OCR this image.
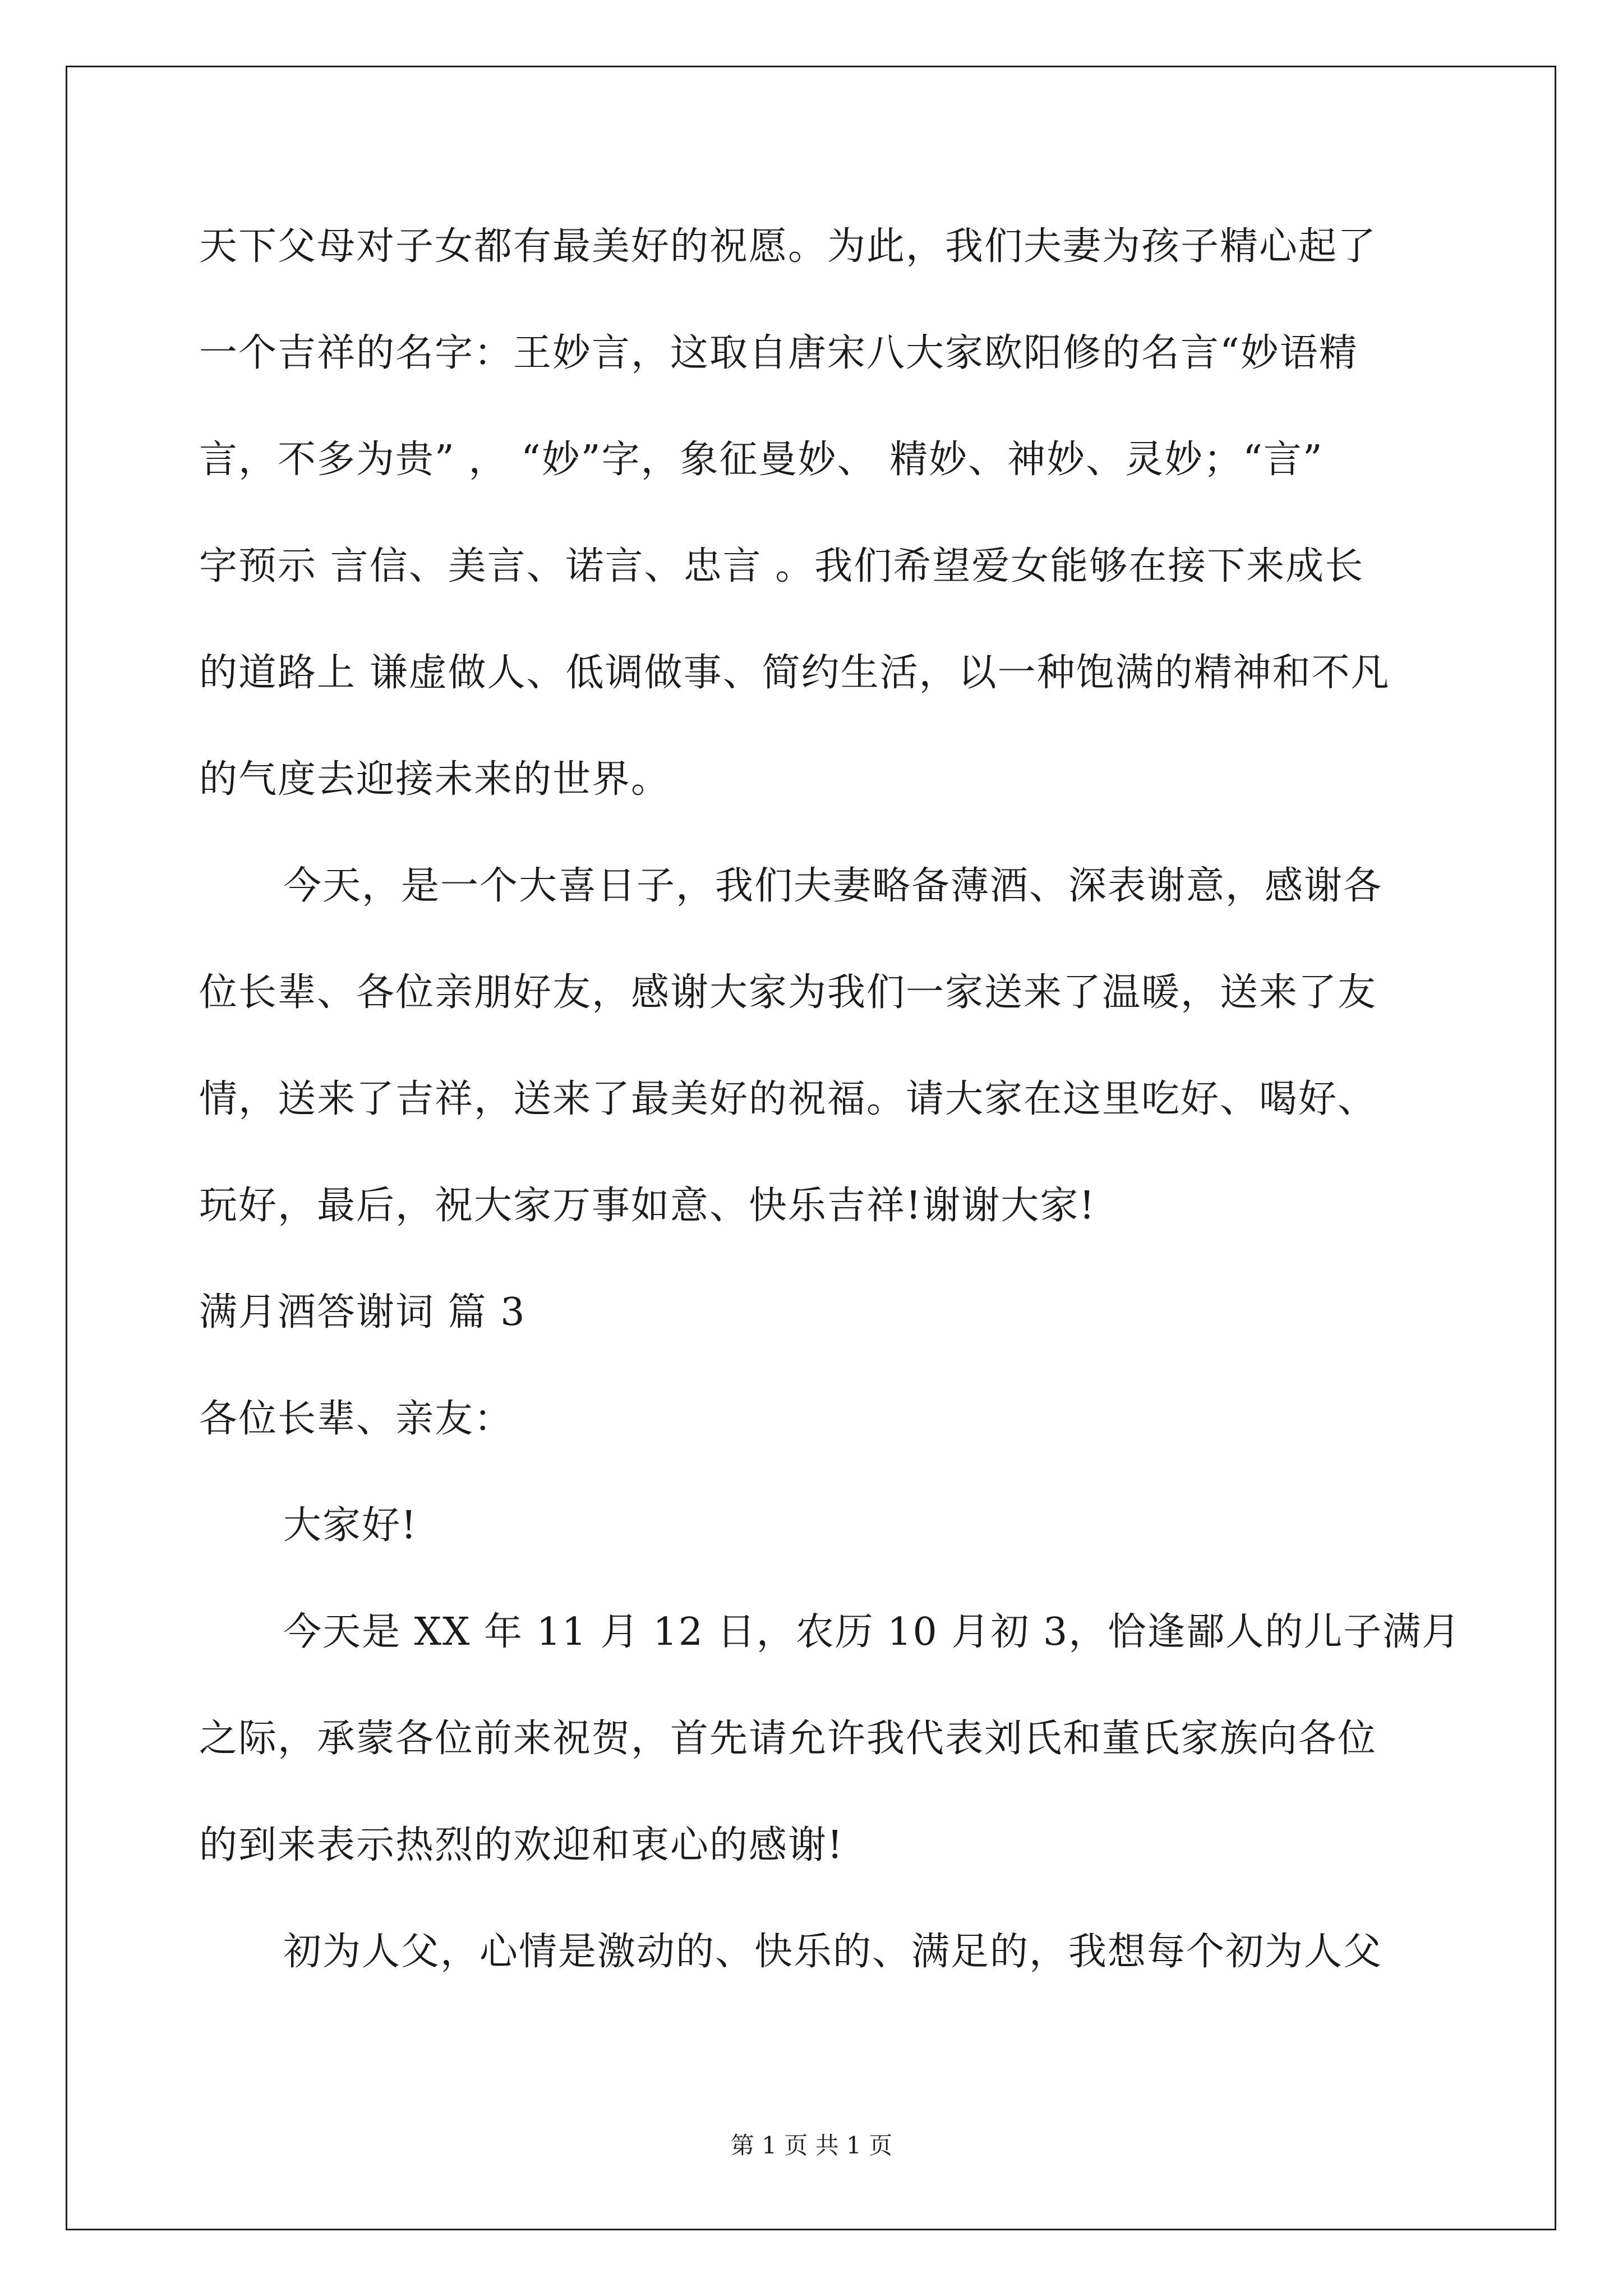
天下父母对子女都有最美好的祝愿。为此，我们夫妻为孩子精心起了
一个吉祥的名字：王妙言，这取自唐宋八大家欧阳修的名言“妙语精
言，不多为贵” ， “妙”字，象征曼妙、 精妙、神妙、灵妙；“言”
字预示 言信、美言、诺言、忠言 。我们希望爱女能够在接下来成长
的道路上 谦虚做人、低调做事、简约生活，以一种饱满的精神和不凡
的气度去迎接未来的世界。
今天，是一个大喜日子，我们夫妻略备薄酒、深表谢意，感谢各
位长辈、各位亲朋好友，感谢大家为我们一家送来了温暖，送来了友
情，送来了吉祥，送来了最美好的祝福。请大家在这里吃好、喝好、
玩好，最后，祝大家万事如意、快乐吉祥!谢谢大家!
满月酒答谢词 篇 3
各位长辈、亲友：
大家好!
今天是 XX 年 11 月 12 日，农历 10 月初 3，恰逢鄙人的儿子满月
之际，承蒙各位前来祝贺，首先请允许我代表刘氏和董氏家族向各位
的到来表示热烈的欢迎和衷心的感谢!
初为人父，心情是激动的、快乐的、满足的，我想每个初为人父
第 1 页 共 1 页
